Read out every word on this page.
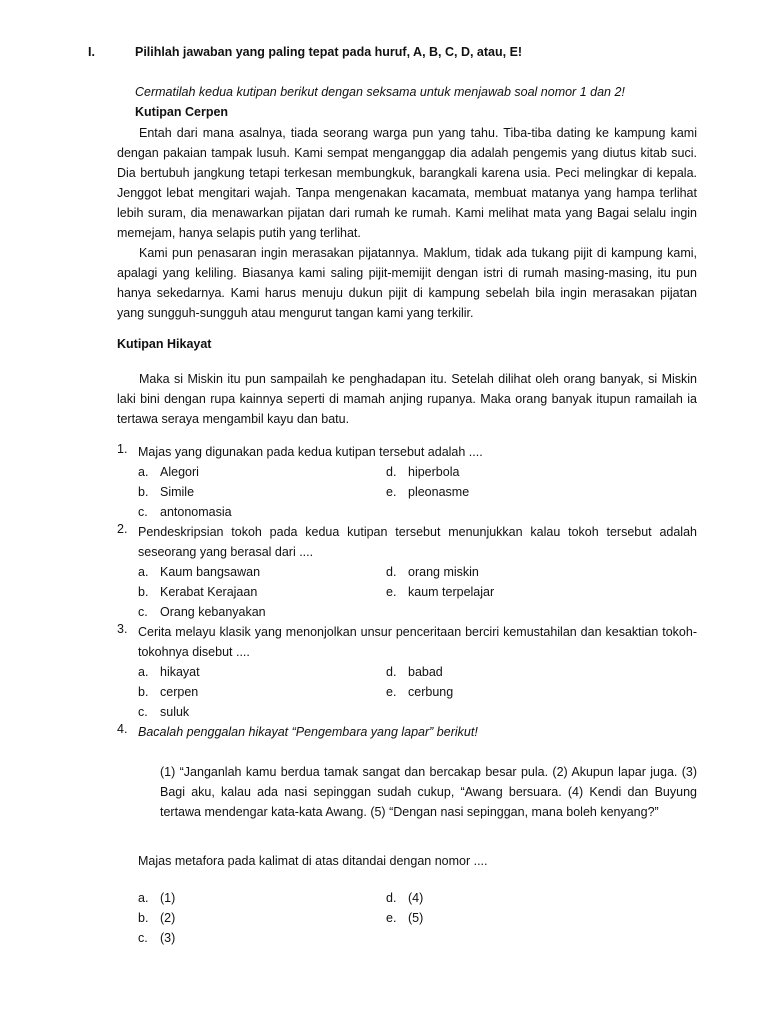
I.	Pilihlah jawaban yang paling tepat pada huruf, A, B, C, D, atau, E!
Cermatilah kedua kutipan berikut dengan seksama untuk menjawab soal nomor 1 dan 2!
Kutipan Cerpen

Entah dari mana asalnya, tiada seorang warga pun yang tahu. Tiba-tiba dating ke kampung kami dengan pakaian tampak lusuh. Kami sempat menganggap dia adalah pengemis yang diutus kitab suci. Dia bertubuh jangkung tetapi terkesan membungkuk, barangkali karena usia. Peci melingkar di kepala. Jenggot lebat mengitari wajah. Tanpa mengenakan kacamata, membuat matanya yang hampa terlihat lebih suram, dia menawarkan pijatan dari rumah ke rumah. Kami melihat mata yang Bagai selalu ingin memejam, hanya selapis putih yang terlihat.

Kami pun penasaran ingin merasakan pijatannya. Maklum, tidak ada tukang pijit di kampung kami, apalagi yang keliling. Biasanya kami saling pijit-memijit dengan istri di rumah masing-masing, itu pun hanya sekedarnya. Kami harus menuju dukun pijit di kampung sebelah bila ingin merasakan pijatan yang sungguh-sungguh atau mengurut tangan kami yang terkilir.

Kutipan Hikayat

Maka si Miskin itu pun sampailah ke penghadapan itu. Setelah dilihat oleh orang banyak, si Miskin laki bini dengan rupa kainnya seperti di mamah anjing rupanya. Maka orang banyak itupun ramailah ia tertawa seraya mengambil kayu dan batu.

1. Majas yang digunakan pada kedua kutipan tersebut adalah ....

a. Alegori
b. Simile
c. antonomasia
d. hiperbola
e. pleonasme
2. Pendeskripsian tokoh pada kedua kutipan tersebut menunjukkan kalau tokoh tersebut adalah seseorang yang berasal dari ....

a. Kaum bangsawan
b. Kerabat Kerajaan
c. Orang kebanyakan
d. orang miskin
e. kaum terpelajar
3. Cerita melayu klasik yang menonjolkan unsur penceritaan berciri kemustahilan dan kesaktian tokoh-tokohnya disebut ....

a. hikayat
b. cerpen
c. suluk
d. babad
e. cerbung
4. Bacalah penggalan hikayat “Pengembara yang lapar” berikut!

(1) “Janganlah kamu berdua tamak sangat dan bercakap besar pula. (2) Akupun lapar juga. (3) Bagi aku, kalau ada nasi sepinggan sudah cukup, “Awang bersuara. (4) Kendi dan Buyung tertawa mendengar kata-kata Awang. (5) “Dengan nasi sepinggan, mana boleh kenyang?”

Majas metafora pada kalimat di atas ditandai dengan nomor ....
a. (1)
b. (2)
c. (3)
d. (4)
e. (5)
